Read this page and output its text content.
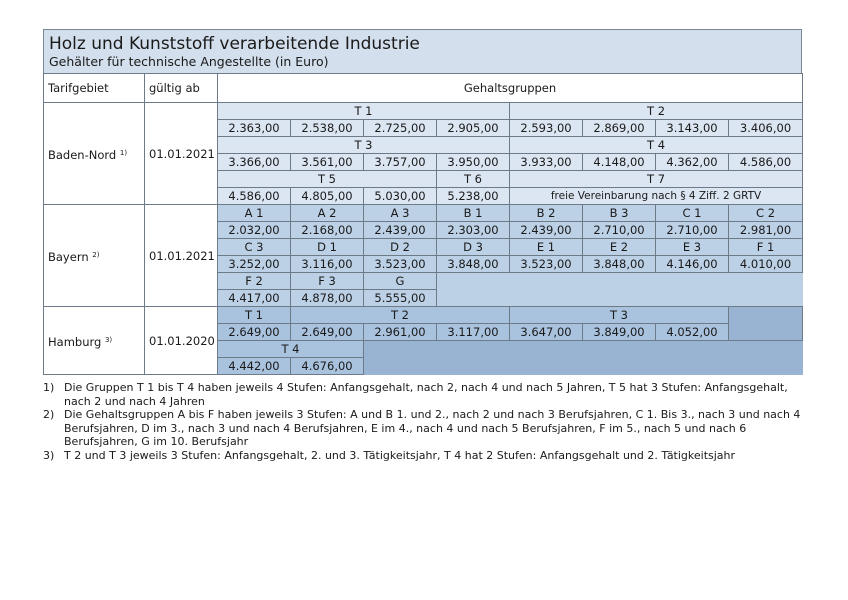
Holz und Kunststoff verarbeitende Industrie
Gehälter für technische Angestellte (in Euro)
Tarifgebiet	gültig ab	Gehaltsgruppen							
Baden-Nord $^{1)}$	01.01.2021	T 1				T 2			
		2.363,00	2.538,00	2.725,00	2.905,00	2.593,00	2.869,00	3.143,00	3.406,00
		T 3				T 4			
		3.366,00	3.561,00	3.757,00	3.950,00	3.933,00	4.148,00	4.362,00	4.586,00
		T 5			T 6	T 7			
		4.586,00	4.805,00	5.030,00	5.238,00	freie Vereinbarung nach § 4 Ziff. 2 GRTV			
Bayern $^{2)}$	01.01.2021	A 1	A 2	A 3	B 1	B 2	B 3	C 1	C 2
		2.032,00	2.168,00	2.439,00	2.303,00	2.439,00	2.710,00	2.710,00	2.981,00
		C 3	D 1	D 2	D 3	E 1	E 2	E 3	F 1
		3.252,00	3.116,00	3.523,00	3.848,00	3.523,00	3.848,00	4.146,00	4.010,00
		F 2	F 3	G					
		4.417,00	4.878,00	5.555,00					
Hamburg $^{3)}$	01.01.2020	T 1	T 2			T 3			
		2.649,00	2.649,00	2.961,00	3.117,00	3.647,00	3.849,00	4.052,00	
		T 4							
		4.442,00	4.676,00						
1) Die Gruppen T 1 bis T 4 haben jeweils 4 Stufen: Anfangsgehalt, nach 2, nach 4 und nach 5 Jahren, T 5 hat 3 Stufen: Anfangsgehalt, nach 2 und nach 4 Jahren
2) Die Gehaltsgruppen A bis F haben jeweils 3 Stufen: A und B 1. und 2., nach 2 und nach 3 Berufsjahren, C 1. Bis 3., nach 3 und nach 4 Berufsjahren, D im 3., nach 3 und nach 4 Berufsjahren, E im 4., nach 4 und nach 5 Berufsjahren, F im 5., nach 5 und nach 6 Berufsjahren, G im 10. Berufsjahr
3) T 2 und T 3 jeweils 3 Stufen: Anfangsgehalt, 2. und 3. Tätigkeitsjahr, T 4 hat 2 Stufen: Anfangsgehalt und 2. Tätigkeitsjahr
